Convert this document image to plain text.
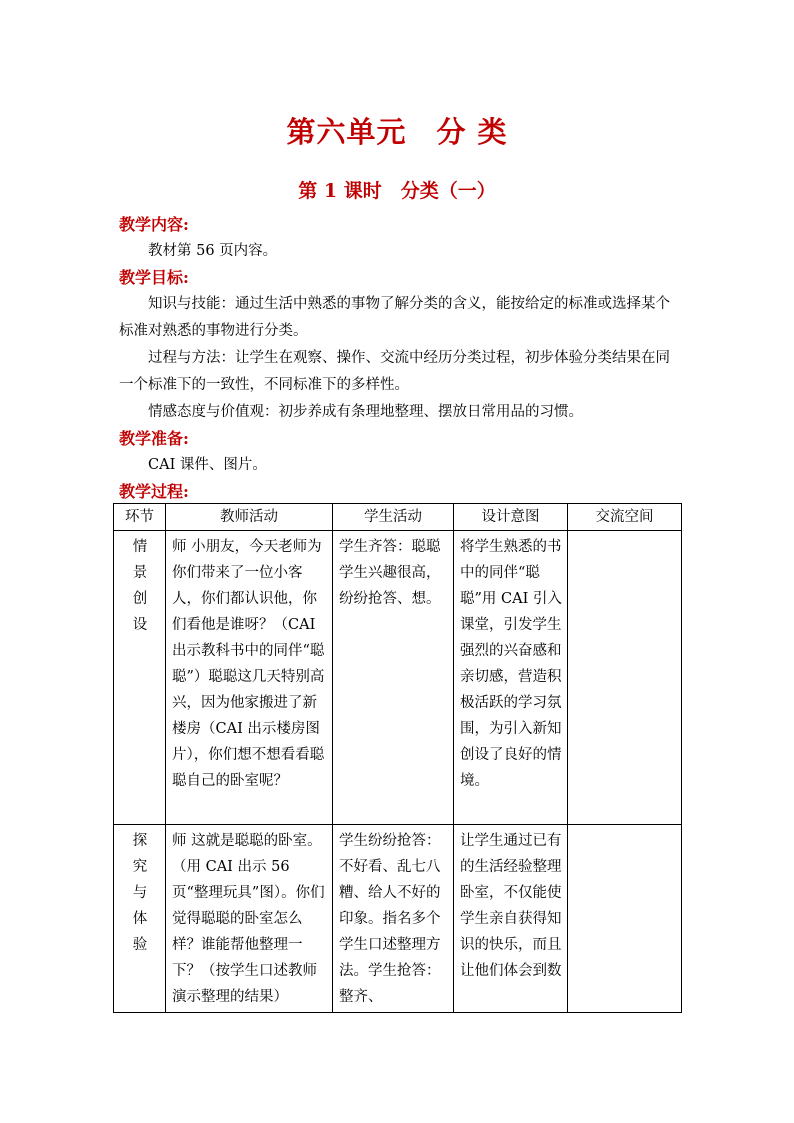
第六单元　分 类
第 1 课时　分类（一）
教学内容:

教材第 56 页内容。

教学目标:

知识与技能：通过生活中熟悉的事物了解分类的含义，能按给定的标准或选择某个标准对熟悉的事物进行分类。

过程与方法：让学生在观察、操作、交流中经历分类过程，初步体验分类结果在同一个标准下的一致性，不同标准下的多样性。

情感态度与价值观：初步养成有条理地整理、摆放日常用品的习惯。

教学准备:

CAI 课件、图片。

教学过程:
环节	教师活动	学生活动	设计意图	交流空间

情
景
创
设	师 小朋友，今天老师为你们带来了一位小客人，你们都认识他，你们看他是谁呀？（CAI 出示教科书中的同伴“聪聪”）聪聪这几天特别高兴，因为他家搬进了新楼房（CAI 出示楼房图片），你们想不想看看聪聪自己的卧室呢？	学生齐答：聪聪学生兴趣很高，纷纷抢答、想。	将学生熟悉的书中的同伴“聪聪”用 CAI 引入课堂，引发学生强烈的兴奋感和亲切感，营造积极活跃的学习氛围，为引入新知创设了良好的情境。	

探
究
与
体
验	师 这就是聪聪的卧室。（用 CAI 出示 56 页“整理玩具”图）。你们觉得聪聪的卧室怎么样？谁能帮他整理一下？（按学生口述教师演示整理的结果）	学生纷纷抢答：不好看、乱七八糟、给人不好的印象。指名多个学生口述整理方法。学生抢答：整齐、	让学生通过已有的生活经验整理卧室，不仅能使学生亲自获得知识的快乐，而且让他们体会到数	
